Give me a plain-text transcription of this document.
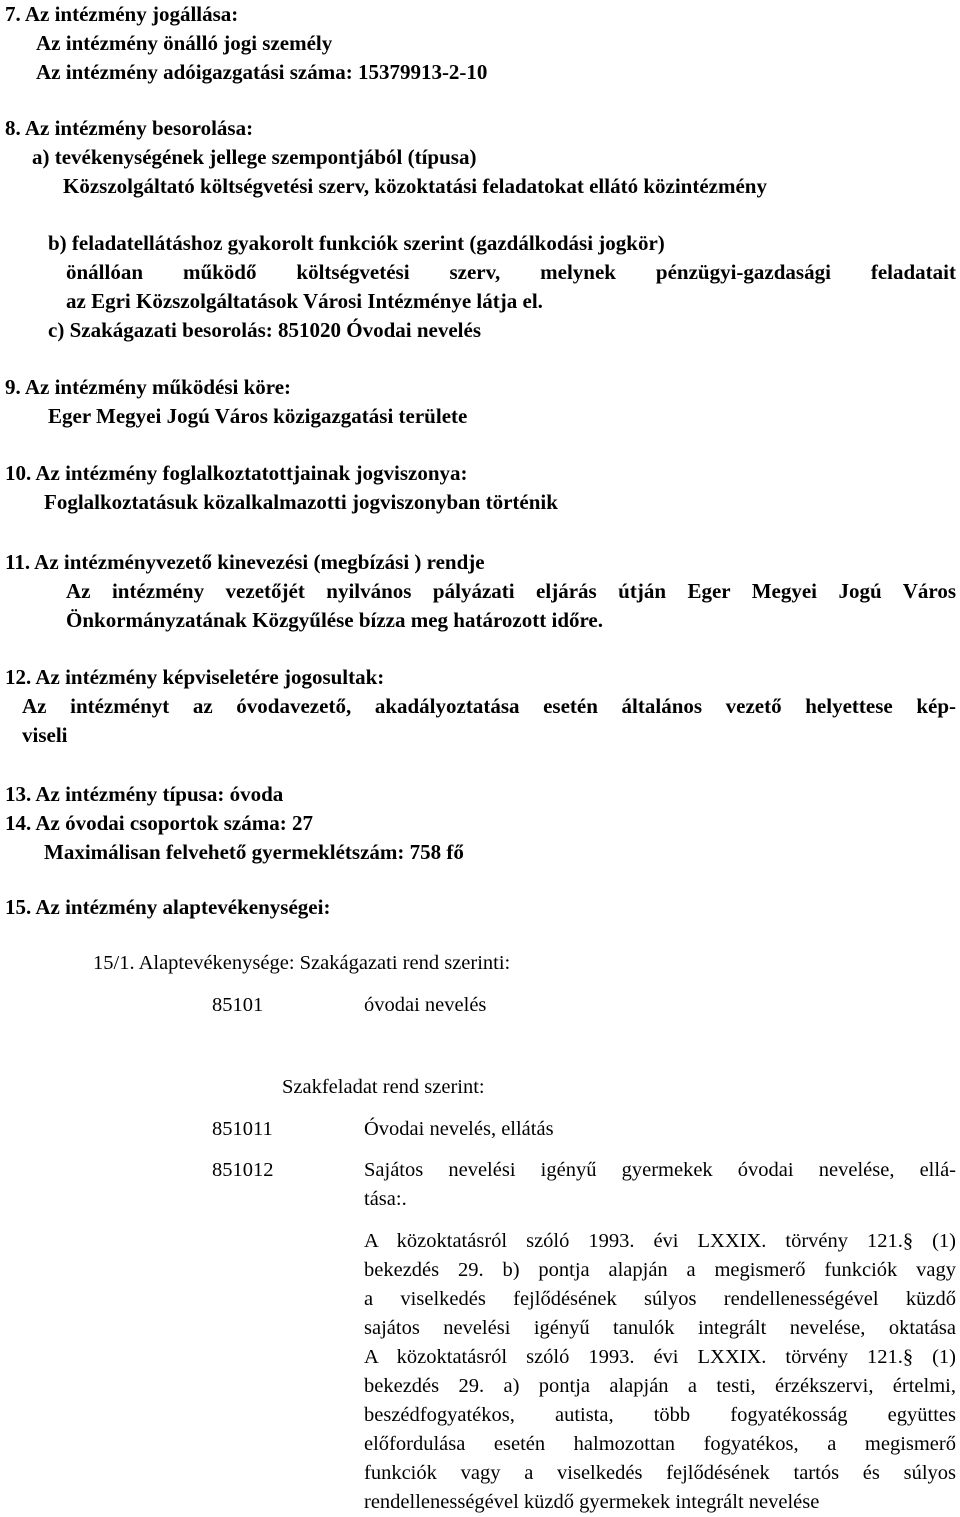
7. Az intézmény jogállása:
Az intézmény önálló jogi személy
Az intézmény adóigazgatási száma: 15379913-2-10
8. Az intézmény besorolása:
a) tevékenységének jellege szempontjából (típusa)
Közszolgáltató költségvetési szerv, közoktatási feladatokat ellátó közintézmény
b) feladatellátáshoz gyakorolt funkciók szerint (gazdálkodási jogkör)
önállóan működő költségvetési szerv, melynek pénzügyi-gazdasági feladatait
az Egri Közszolgáltatások Városi Intézménye látja el.
c) Szakágazati besorolás: 851020 Óvodai nevelés
9. Az intézmény működési köre:
Eger Megyei Jogú Város közigazgatási területe
10. Az intézmény foglalkoztatottjainak jogviszonya:
Foglalkoztatásuk közalkalmazotti jogviszonyban történik
11. Az intézményvezető kinevezési (megbízási ) rendje
Az intézmény vezetőjét nyilvános pályázati eljárás útján Eger Megyei Jogú Város
Önkormányzatának Közgyűlése bízza meg határozott időre.
12. Az intézmény képviseletére jogosultak:
Az intézményt az óvodavezető, akadályoztatása esetén általános vezető helyettese kép-
viseli
13. Az intézmény típusa: óvoda
14. Az óvodai csoportok száma: 27
Maximálisan felvehető gyermeklétszám: 758 fő
15. Az intézmény alaptevékenységei:
15/1. Alaptevékenysége: Szakágazati rend szerinti:
85101	óvodai nevelés
Szakfeladat rend szerint:
851011	Óvodai nevelés, ellátás
851012	Sajátos nevelési igényű gyermekek óvodai nevelése, ellá-
tása:.
A közoktatásról szóló 1993. évi LXXIX. törvény 121.§ (1)
bekezdés 29. b) pontja alapján a megismerő funkciók vagy
a viselkedés fejlődésének súlyos rendellenességével küzdő
sajátos nevelési igényű tanulók integrált nevelése, oktatása
A közoktatásról szóló 1993. évi LXXIX. törvény 121.§ (1)
bekezdés 29. a) pontja alapján a testi, érzékszervi, értelmi,
beszédfogyatékos, autista, több fogyatékosság együttes
előfordulása esetén halmozottan fogyatékos, a megismerő
funkciók vagy a viselkedés fejlődésének tartós és súlyos
rendellenességével küzdő gyermekek integrált nevelése
